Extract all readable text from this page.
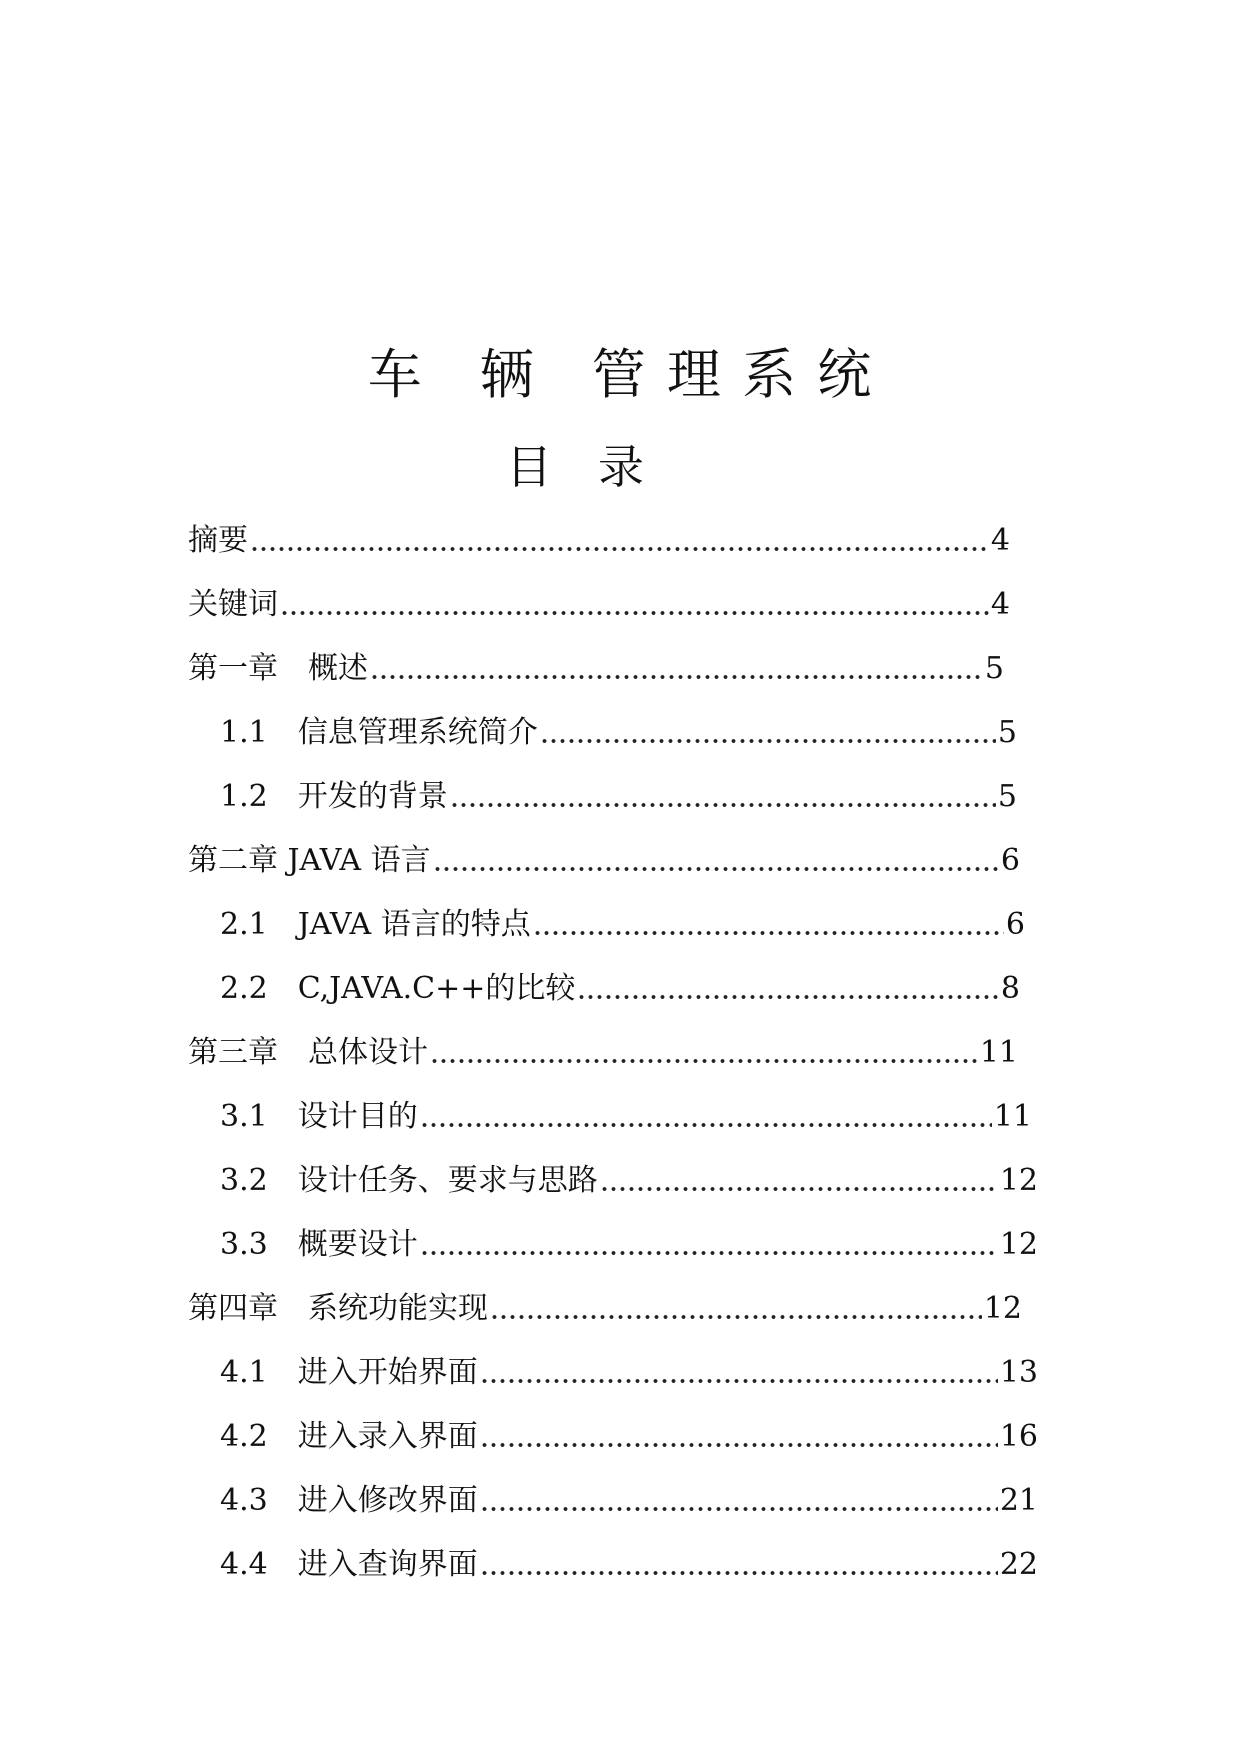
车　辆　管 理 系 统
目　录
摘要	4
关键词	4
第一章　概述	5
1.1　信息管理系统简介	5
1.2　开发的背景	5
第二章 JAVA 语言	6
2.1　JAVA 语言的特点	6
2.2　C,JAVA.C++的比较	8
第三章　总体设计	11
3.1　设计目的	11
3.2　设计任务、要求与思路	12
3.3　概要设计	12
第四章　系统功能实现	12
4.1　进入开始界面	13
4.2　进入录入界面	16
4.3　进入修改界面	21
4.4　进入查询界面	22
